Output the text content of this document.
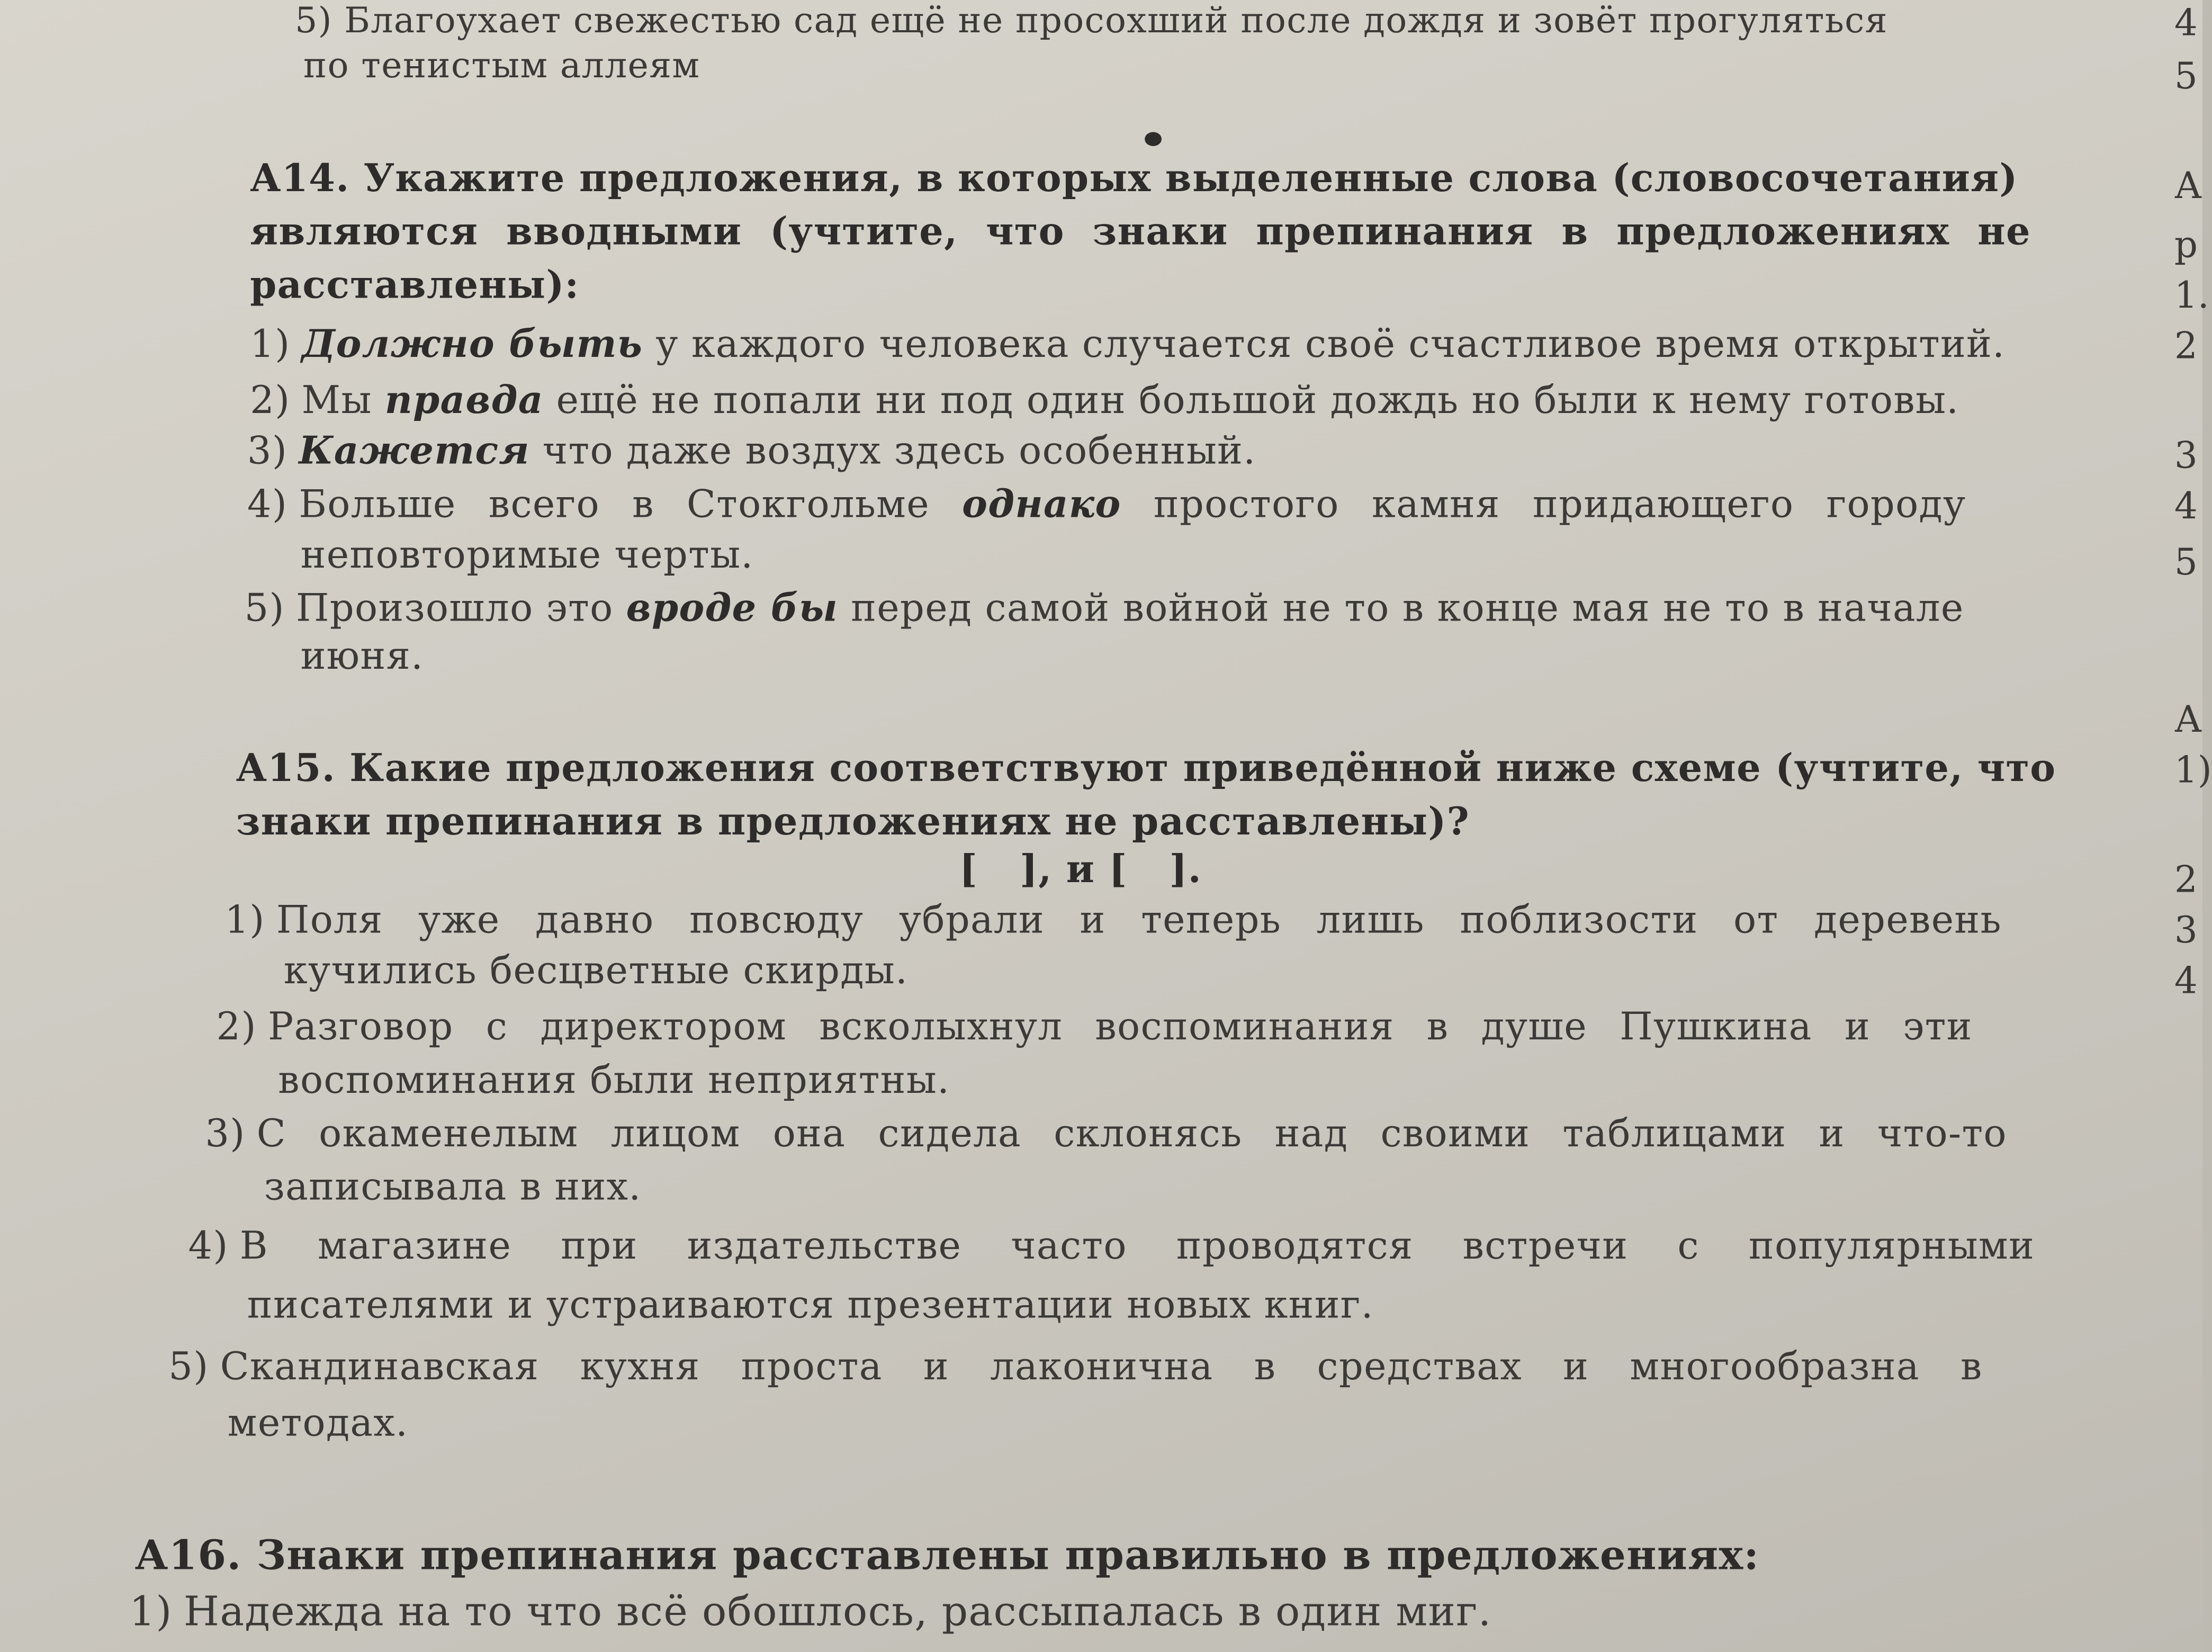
5) Благоухает свежестью сад ещё не просохший после дождя и зовёт прогуляться
по тенистым аллеям
А14. Укажите предложения, в которых выделенные слова (словосочетания)
являются вводными (учтите, что знаки препинания в предложениях не
расставлены):
1) Должно быть у каждого человека случается своё счастливое время открытий.
2) Мы правда ещё не попали ни под один большой дождь но были к нему готовы.
3) Кажется что даже воздух здесь особенный.
4) Больше всего в Стокгольме однако простого камня придающего городу
неповторимые черты.
5) Произошло это вроде бы перед самой войной не то в конце мая не то в начале
июня.
А15. Какие предложения соответствуют приведённой ниже схеме (учтите, что
знаки препинания в предложениях не расставлены)?
[   ], и [   ].
1) Поля уже давно повсюду убрали и теперь лишь поблизости от деревень
кучились бесцветные скирды.
2) Разговор с директором всколыхнул воспоминания в душе Пушкина и эти
воспоминания были неприятны.
3) С окаменелым лицом она сидела склонясь над своими таблицами и что-то
записывала в них.
4) В магазине при издательстве часто проводятся встречи с популярными
писателями и устраиваются презентации новых книг.
5) Скандинавская кухня проста и лаконична в средствах и многообразна в
методах.
А16. Знаки препинания расставлены правильно в предложениях:
1) Надежда на то что всё обошлось, рассыпалась в один миг.
4
5
А
р
1.
2
3
4
5
А
1)
2
3
4
